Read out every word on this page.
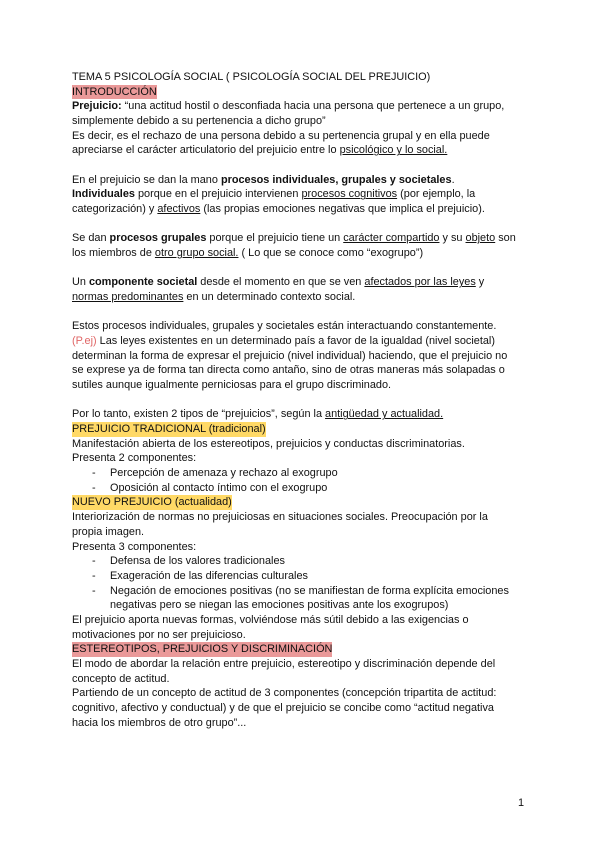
TEMA 5 PSICOLOGÍA SOCIAL ( PSICOLOGÍA SOCIAL DEL PREJUICIO)
INTRODUCCIÓN
Prejuicio: “una actitud hostil o desconfiada hacia una persona que pertenece a un grupo,
simplemente debido a su pertenencia a dicho grupo”
Es decir, es el rechazo de una persona debido a su pertenencia grupal y en ella puede
apreciarse el carácter articulatorio del prejuicio entre lo psicológico y lo social.
En el prejuicio se dan la mano procesos individuales, grupales y societales.
Individuales porque en el prejuicio intervienen procesos cognitivos (por ejemplo, la
categorización) y afectivos (las propias emociones negativas que implica el prejuicio).
Se dan procesos grupales porque el prejuicio tiene un carácter compartido y su objeto son
los miembros de otro grupo social. ( Lo que se conoce como “exogrupo”)
Un componente societal desde el momento en que se ven afectados por las leyes y
normas predominantes en un determinado contexto social.
Estos procesos individuales, grupales y societales están interactuando constantemente.
(P.ej) Las leyes existentes en un determinado país a favor de la igualdad (nivel societal)
determinan la forma de expresar el prejuicio (nivel individual) haciendo, que el prejuicio no
se exprese ya de forma tan directa como antaño, sino de otras maneras más solapadas o
sutiles aunque igualmente perniciosas para el grupo discriminado.
Por lo tanto, existen 2 tipos de “prejuicios”, según la antigüedad y actualidad.
PREJUICIO TRADICIONAL (tradicional)
Manifestación abierta de los estereotipos, prejuicios y conductas discriminatorias.
Presenta 2 componentes:
- Percepción de amenaza y rechazo al exogrupo
- Oposición al contacto íntimo con el exogrupo
NUEVO PREJUICIO (actualidad)
Interiorización de normas no prejuiciosas en situaciones sociales. Preocupación por la
propia imagen.
Presenta 3 componentes:
- Defensa de los valores tradicionales
- Exageración de las diferencias culturales
- Negación de emociones positivas (no se manifiestan de forma explícita emociones
negativas pero se niegan las emociones positivas ante los exogrupos)
El prejuicio aporta nuevas formas, volviéndose más sútil debido a las exigencias o
motivaciones por no ser prejuicioso.
ESTEREOTIPOS, PREJUICIOS Y DISCRIMINACIÓN
El modo de abordar la relación entre prejuicio, estereotipo y discriminación depende del
concepto de actitud.
Partiendo de un concepto de actitud de 3 componentes (concepción tripartita de actitud:
cognitivo, afectivo y conductual) y de que el prejuicio se concibe como “actitud negativa
hacia los miembros de otro grupo”...
1
